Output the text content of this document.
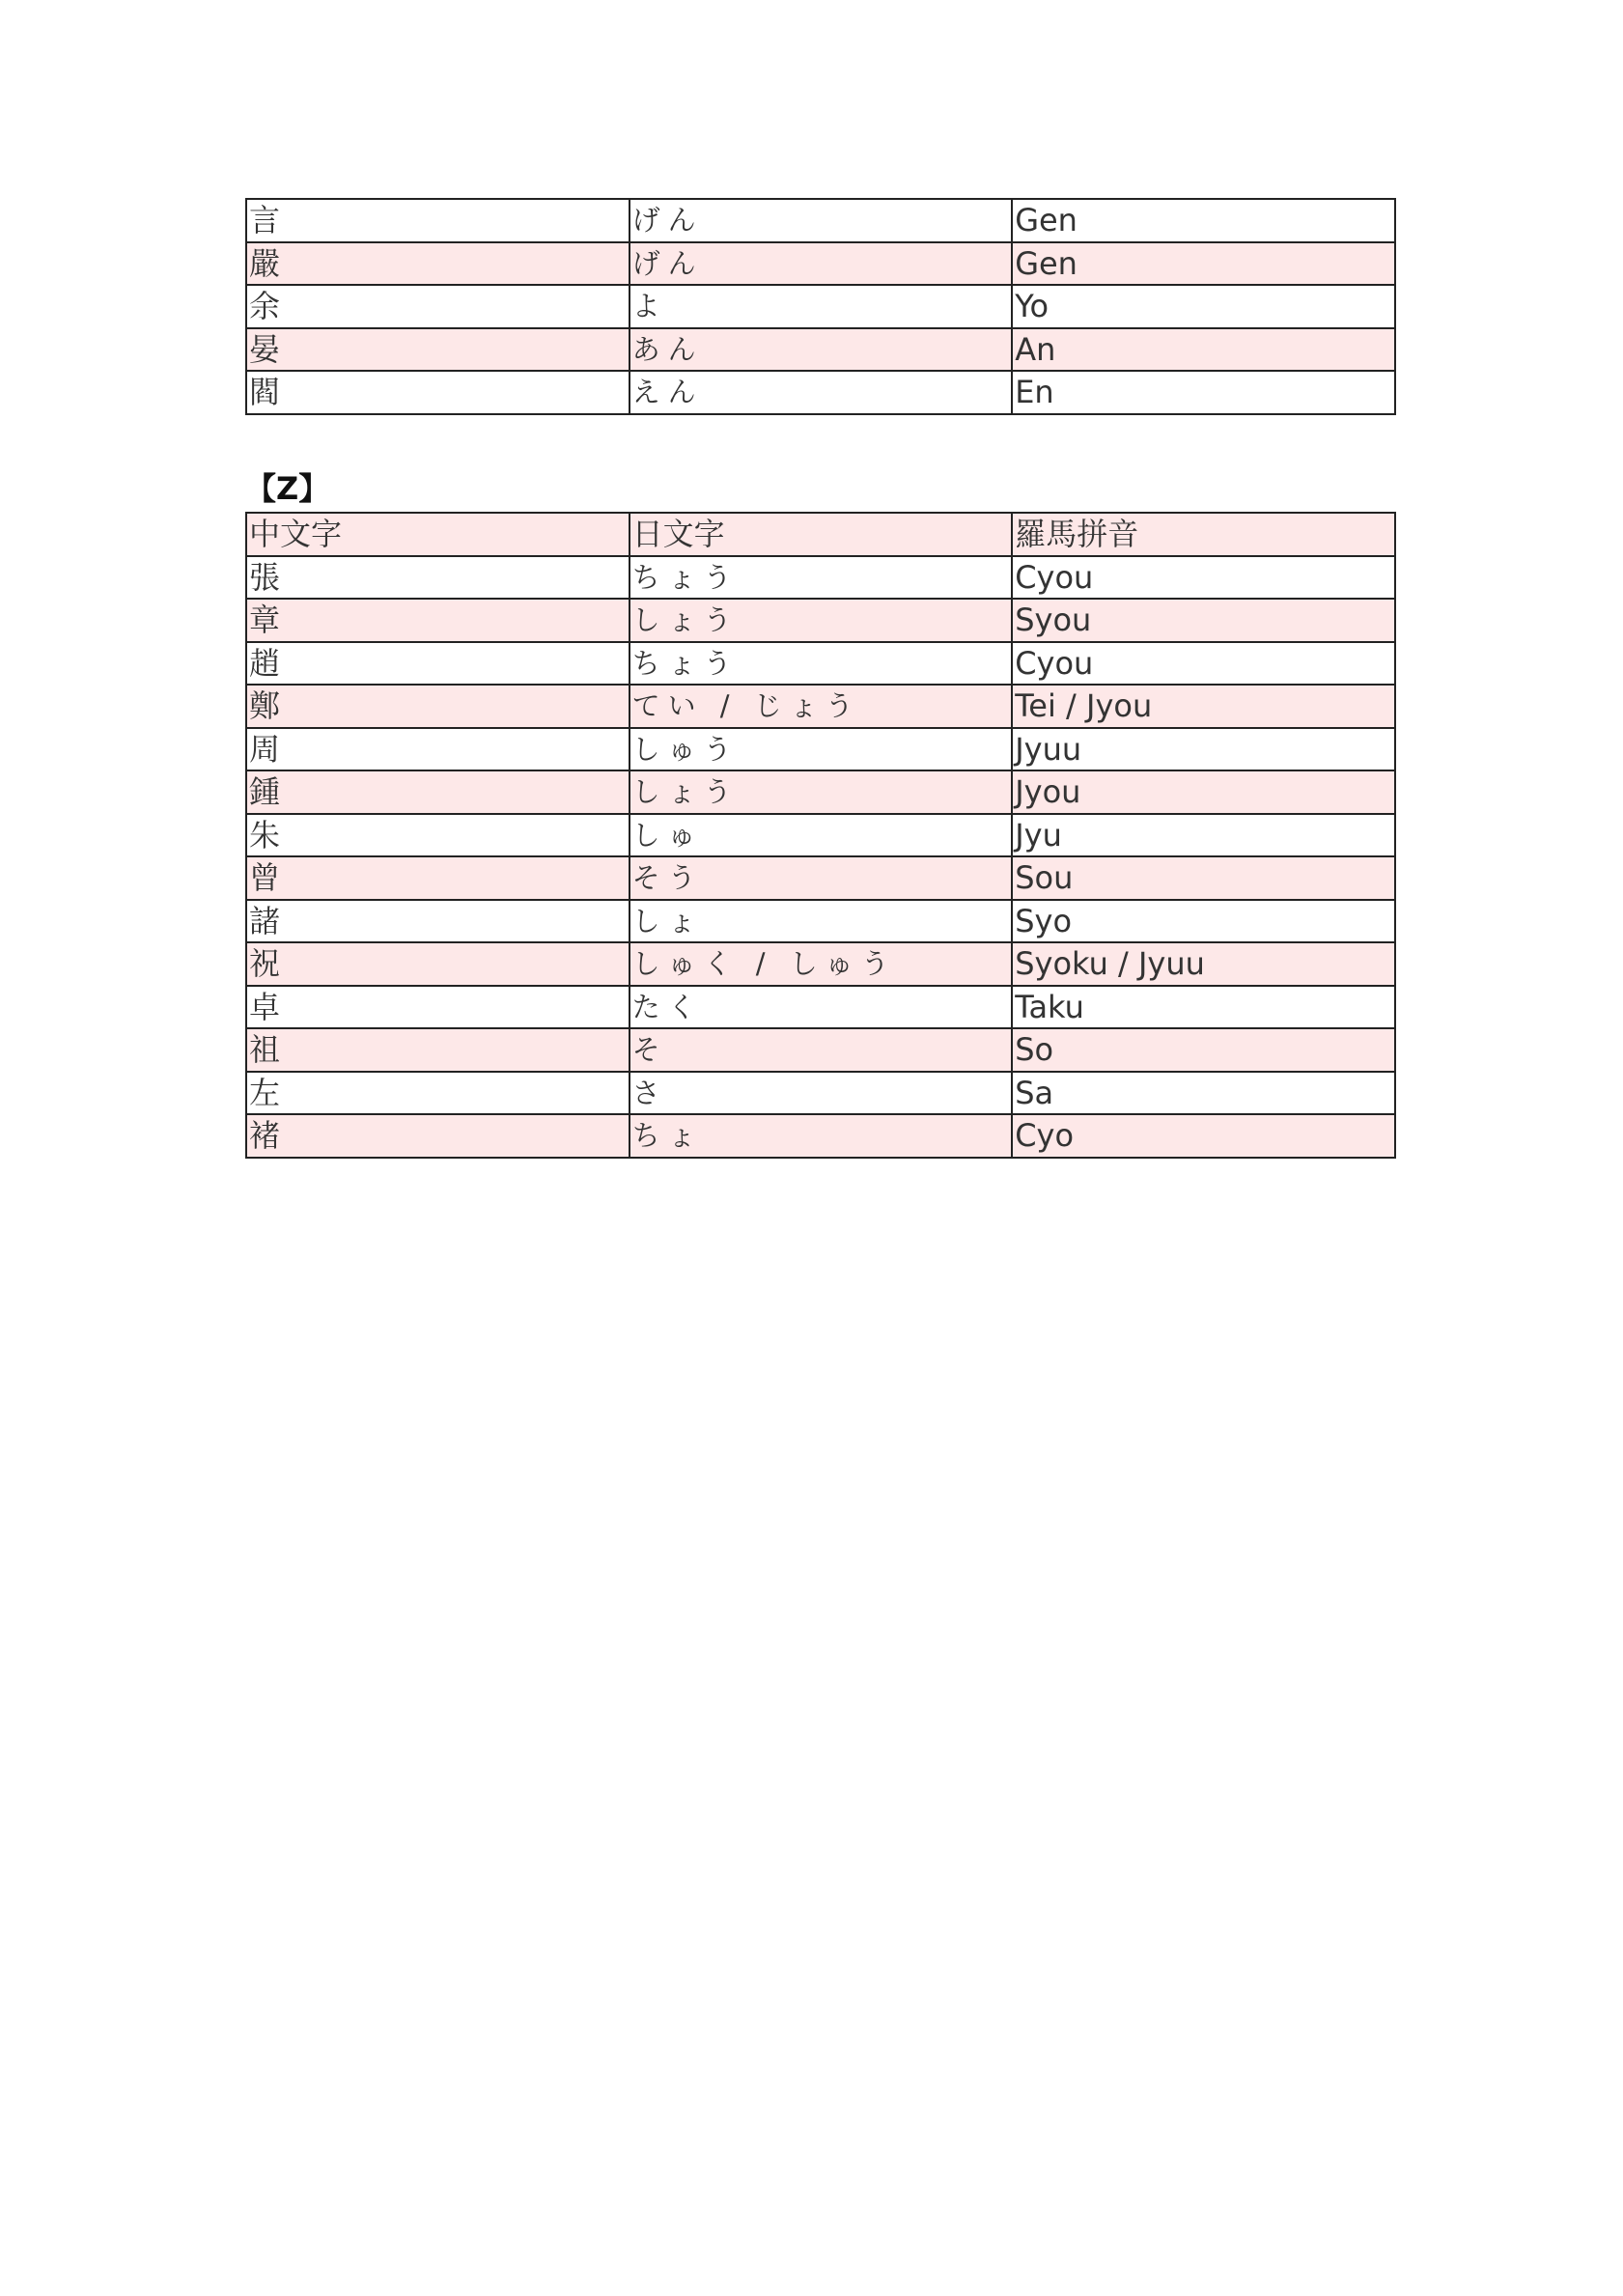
言	げん	Gen
嚴	げん	Gen
余	よ	Yo
晏	あん	An
閻	えん	En
【Z】
中文字	日文字	羅馬拼音
張	ちょう	Cyou
章	しょう	Syou
趙	ちょう	Cyou
鄭	てい / じょう	Tei / Jyou
周	しゅう	Jyuu
鍾	しょう	Jyou
朱	しゅ	Jyu
曾	そう	Sou
諸	しょ	Syo
祝	しゅく / しゅう	Syoku / Jyuu
卓	たく	Taku
祖	そ	So
左	さ	Sa
褚	ちょ	Cyo
